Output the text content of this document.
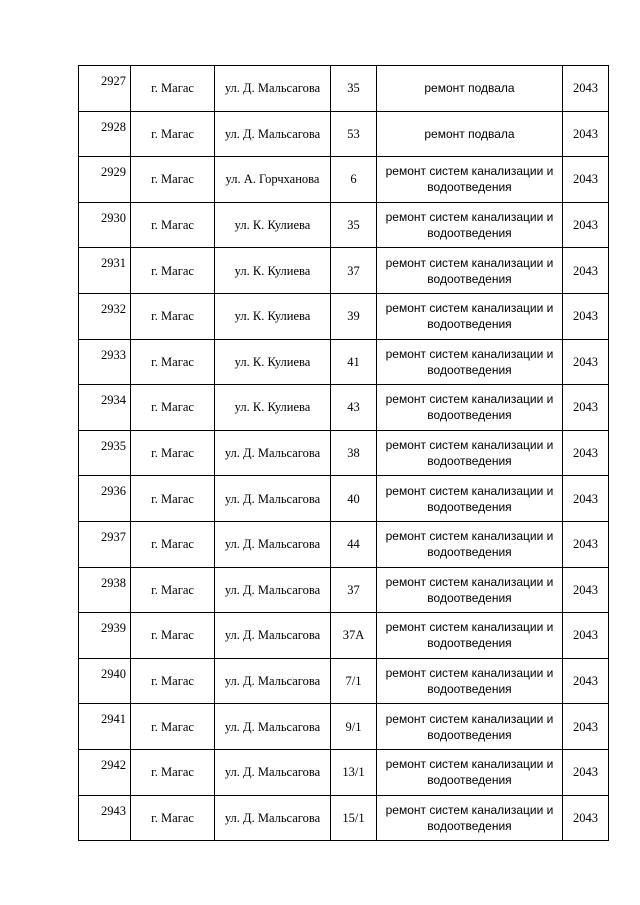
2927	г. Магас	ул. Д. Мальсагова	35	ремонт подвала	2043
2928	г. Магас	ул. Д. Мальсагова	53	ремонт подвала	2043
2929	г. Магас	ул. А. Горчханова	6	ремонт систем канализации и водоотведения	2043
2930	г. Магас	ул. К. Кулиева	35	ремонт систем канализации и водоотведения	2043
2931	г. Магас	ул. К. Кулиева	37	ремонт систем канализации и водоотведения	2043
2932	г. Магас	ул. К. Кулиева	39	ремонт систем канализации и водоотведения	2043
2933	г. Магас	ул. К. Кулиева	41	ремонт систем канализации и водоотведения	2043
2934	г. Магас	ул. К. Кулиева	43	ремонт систем канализации и водоотведения	2043
2935	г. Магас	ул. Д. Мальсагова	38	ремонт систем канализации и водоотведения	2043
2936	г. Магас	ул. Д. Мальсагова	40	ремонт систем канализации и водоотведения	2043
2937	г. Магас	ул. Д. Мальсагова	44	ремонт систем канализации и водоотведения	2043
2938	г. Магас	ул. Д. Мальсагова	37	ремонт систем канализации и водоотведения	2043
2939	г. Магас	ул. Д. Мальсагова	37А	ремонт систем канализации и водоотведения	2043
2940	г. Магас	ул. Д. Мальсагова	7/1	ремонт систем канализации и водоотведения	2043
2941	г. Магас	ул. Д. Мальсагова	9/1	ремонт систем канализации и водоотведения	2043
2942	г. Магас	ул. Д. Мальсагова	13/1	ремонт систем канализации и водоотведения	2043
2943	г. Магас	ул. Д. Мальсагова	15/1	ремонт систем канализации и водоотведения	2043
